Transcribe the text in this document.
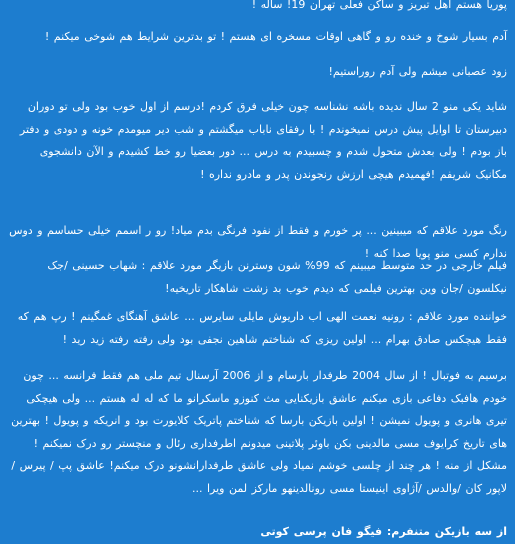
پوریا هستم اهل تبریز و ساکن فعلی تهران 19! ساله !

آدم بسیار شوخ و خنده رو و گاهی اوقات مسخره ای هستم ! تو بدترین شرایط هم شوخی میکنم !

زود عصبانی میشم ولی آدم روراستیم!

شاید یکی منو 2 سال ندیده باشه نشناسه چون خیلی فرق کردم !درسم از اول خوب بود ولی تو دوران دبیرستان تا اوایل پیش درس نمیخوندم ! با رفقای ناباب میگشتم و شب دیر میومدم خونه و دودی و دفتر باز بودم ! ولی بعدش متحول شدم و چسبیدم به درس ... دور بعضیا رو خط کشیدم و الآن دانشجوی مکانیک شریفم !فهمیدم هیچی ارزش رنجوندن پدر و مادرو نداره !

رنگ مورد علاقم که میبینین ... پر خورم و فقط از نفود فرنگی بدم میاد! رو ر اسمم خیلی حساسم و دوس ندارم کسی منو پویا صدا کنه !

فیلم خارجی در حد متوسط میبینم که 99% شون وسترنن بازیگر مورد علاقم : شهاب حسینی /جک نیکلسون /جان وین بهترین فیلمی که دیدم خوب بد زشت شاهکار تاریخیه!

خواننده مورد علاقم : رونیه نعمت الهی اب داریوش مایلی سایرس ... عاشق آهنگای غمگینم ! رپ هم که فقط هیچکس صادق بهرام ... اولین ریزی که شناختم شاهین نجفی بود ولی رفته رفته زید رید !

برسیم به فوتبال ! از سال 2004 طرفدار بارسام و از 2006 آرسنال تیم ملی هم فقط فرانسه ... چون خودم هافبک دفاعی بازی میکنم عاشق بازیکنایی مث کنوزو ماسکرانو ما که له له هستم ... ولی هیچکی تیری هانری و پویول نمیشن ! اولین بازیکن بارسا که شناختم پاتریک کلایورت بود و انریکه و پویول ! بهترین های تاریخ کرایوف مسی مالدینی بکن باوئر پلاتینی میدونم اطرفداری رئال و منچستر رو درک نمیکنم ! مشکل از منه ! هر چند از چلسی خوشم نمیاد ولی عاشق طرفدارانشونو درک میکنم! عاشق پپ / پیرس /لاپور کان /والدس /آژاوی اینیستا مسی رونالدینهو مارکز لمن ویرا ...

از سه بازیکن متنفرم: فیگو فان پرسی کوتی
